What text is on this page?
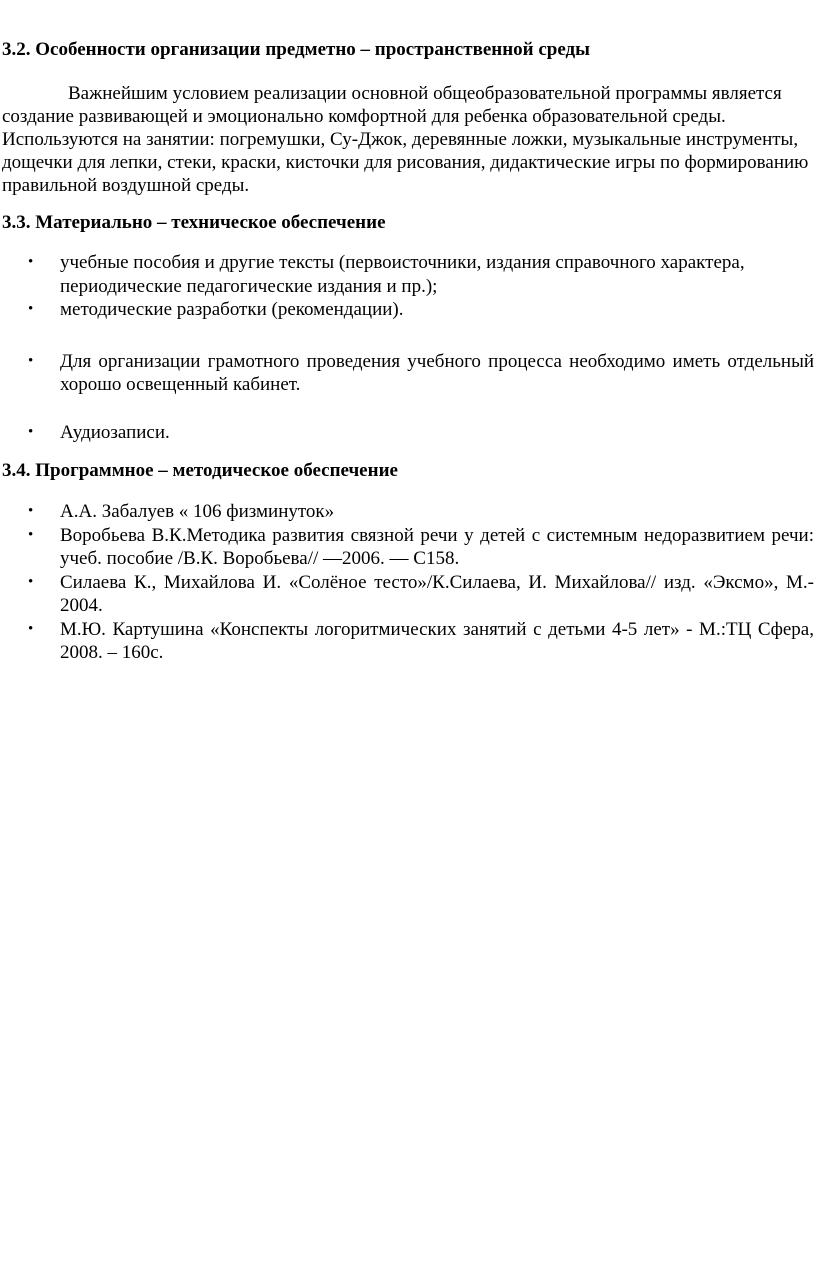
3.2. Особенности организации предметно – пространственной среды

Важнейшим условием реализации основной общеобразовательной программы является создание развивающей и эмоционально комфортной для ребенка образовательной среды. Используются на занятии: погремушки, Су-Джок, деревянные ложки, музыкальные инструменты, дощечки для лепки, стеки, краски, кисточки для рисования, дидактические игры по формированию правильной воздушной среды.

3.3. Материально – техническое обеспечение
• учебные пособия и другие тексты (первоисточники, издания справочного характера, периодические педагогические издания и пр.);
• методические разработки (рекомендации).
• Для организации грамотного проведения учебного процесса необходимо иметь отдельный хорошо освещенный кабинет.
• Аудиозаписи.
3.4. Программное – методическое обеспечение
• А.А. Забалуев « 106 физминуток»
• Воробьева В.К.Методика развития связной речи у детей с системным недоразвитием речи: учеб. пособие /В.К. Воробьева// —2006. — С158.
• Силаева К., Михайлова И. «Солёное тесто»/К.Силаева, И. Михайлова// изд. «Эксмо», М.- 2004.
• М.Ю. Картушина «Конспекты логоритмических занятий с детьми 4-5 лет» - М.:ТЦ Сфера, 2008. – 160с.
